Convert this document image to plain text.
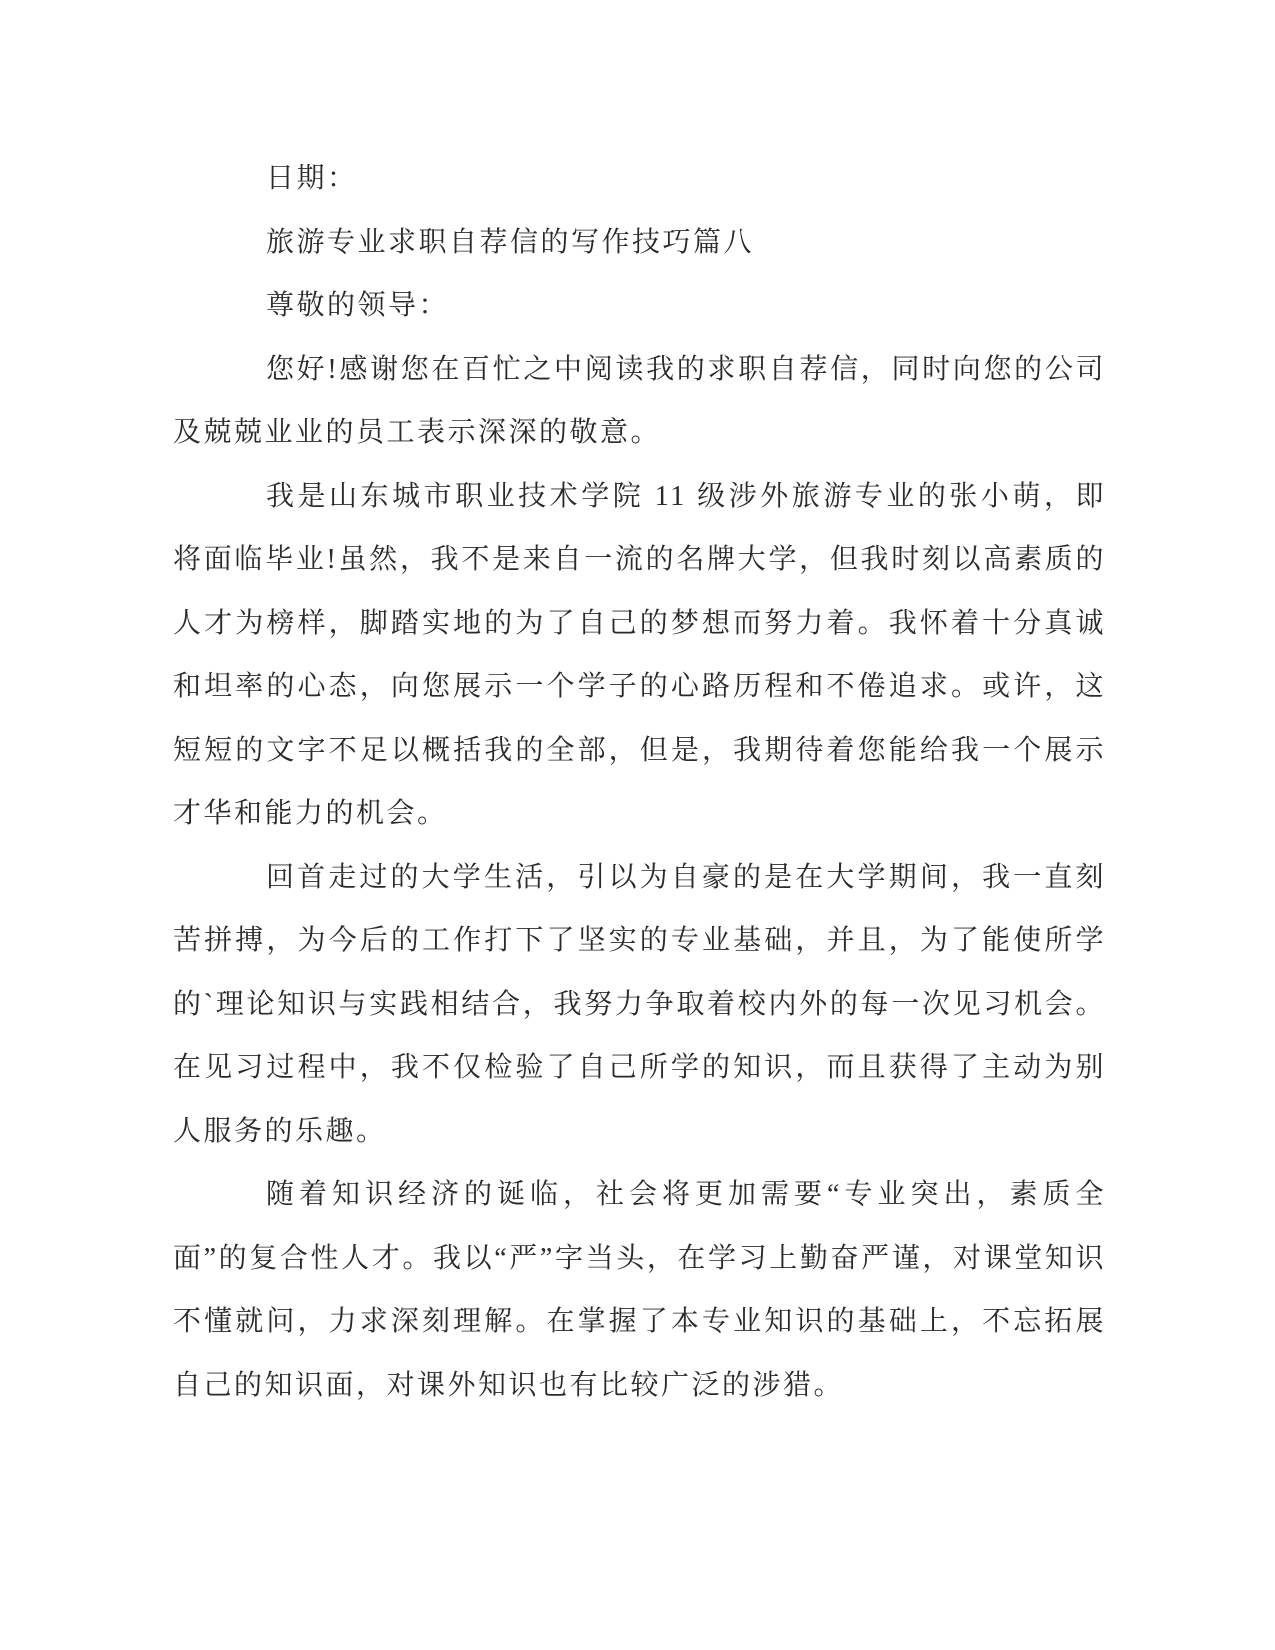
日期：

旅游专业求职自荐信的写作技巧篇八

尊敬的领导：

您好!感谢您在百忙之中阅读我的求职自荐信，同时向您的公司及兢兢业业的员工表示深深的敬意。

我是山东城市职业技术学院 11 级涉外旅游专业的张小萌，即将面临毕业!虽然，我不是来自一流的名牌大学，但我时刻以高素质的人才为榜样，脚踏实地的为了自己的梦想而努力着。我怀着十分真诚和坦率的心态，向您展示一个学子的心路历程和不倦追求。或许，这短短的文字不足以概括我的全部，但是，我期待着您能给我一个展示才华和能力的机会。

回首走过的大学生活，引以为自豪的是在大学期间，我一直刻苦拼搏，为今后的工作打下了坚实的专业基础，并且，为了能使所学的`理论知识与实践相结合，我努力争取着校内外的每一次见习机会。在见习过程中，我不仅检验了自己所学的知识，而且获得了主动为别人服务的乐趣。

随着知识经济的诞临，社会将更加需要“专业突出，素质全面”的复合性人才。我以“严”字当头，在学习上勤奋严谨，对课堂知识不懂就问，力求深刻理解。在掌握了本专业知识的基础上，不忘拓展自己的知识面，对课外知识也有比较广泛的涉猎。
